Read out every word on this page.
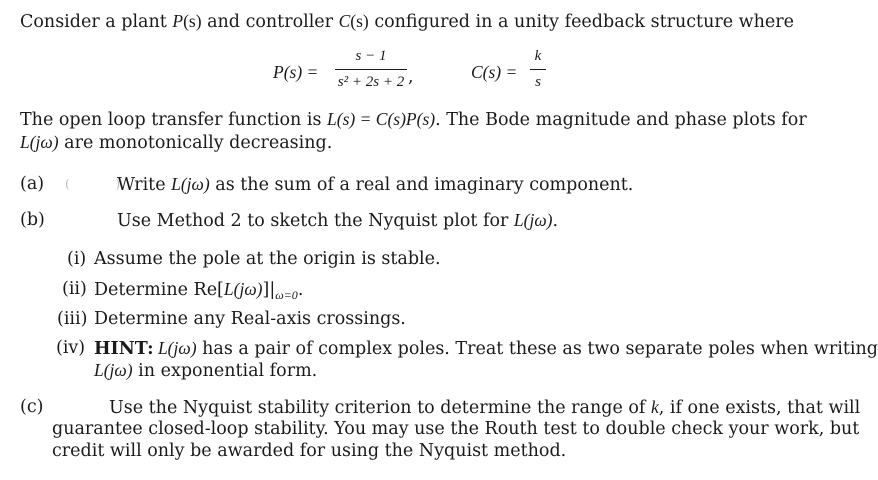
Consider a plant P(s) and controller C(s) configured in a unity feedback structure where
P(s) =
s − 1
s² + 2s + 2 ,	C(s) =
k
s
The open loop transfer function is L(s) = C(s)P(s). The Bode magnitude and phase plots for
L(jω) are monotonically decreasing.
(a) (            )
Write L(jω) as the sum of a real and imaginary component.
(b)	Use Method 2 to sketch the Nyquist plot for L(jω).
(i) Assume the pole at the origin is stable.
(ii) Determine $Re[L(j\omega)]|_{\omega=0}$.
(iii) Determine any Real-axis crossings.
(iv) HINT: L(jω) has a pair of complex poles. Treat these as two separate poles when writing
L(jω) in exponential form.
(c)	Use the Nyquist stability criterion to determine the range of k, if one exists, that will
guarantee closed-loop stability. You may use the Routh test to double check your work, but
credit will only be awarded for using the Nyquist method.
